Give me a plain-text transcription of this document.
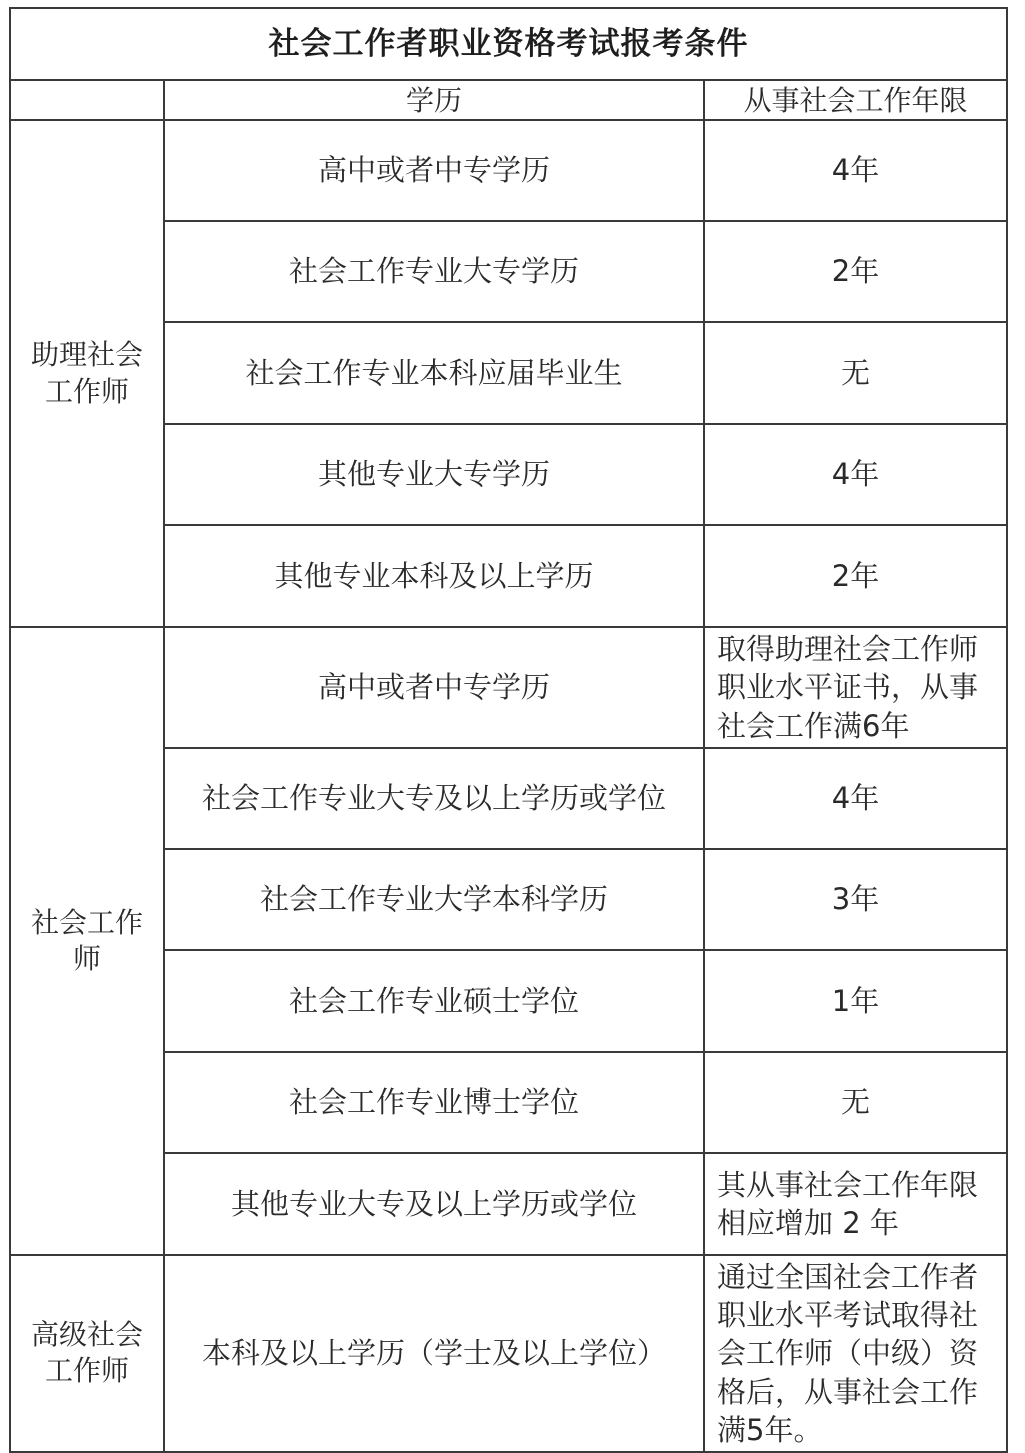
社会工作者职业资格考试报考条件		
	学历	从事社会工作年限
助理社会工作师	高中或者中专学历	4年
	社会工作专业大专学历	2年
	社会工作专业本科应届毕业生	无
	其他专业大专学历	4年
	其他专业本科及以上学历	2年
社会工作师	高中或者中专学历	取得助理社会工作师职业水平证书，从事社会工作满6年
	社会工作专业大专及以上学历或学位	4年
	社会工作专业大学本科学历	3年
	社会工作专业硕士学位	1年
	社会工作专业博士学位	无
	其他专业大专及以上学历或学位	其从事社会工作年限相应增加 2 年
高级社会工作师	本科及以上学历（学士及以上学位）	通过全国社会工作者职业水平考试取得社会工作师（中级）资格后，从事社会工作满5年。
